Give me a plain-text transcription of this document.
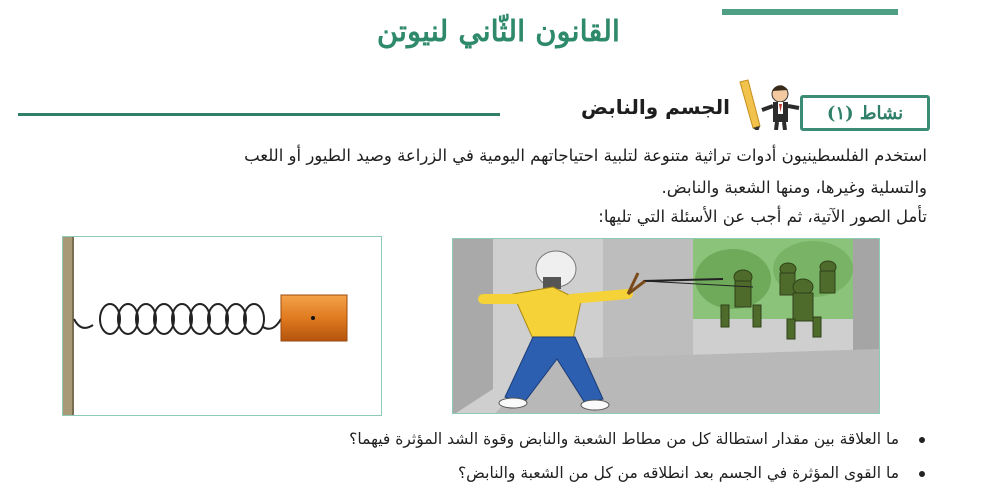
القانون الثّاني لنيوتن
الجسم والنابض	نشاط (١)
استخدم الفلسطينيون أدوات تراثية متنوعة لتلبية احتياجاتهم اليومية في الزراعة وصيد الطيور أو اللعب
والتسلية وغيرها، ومنها الشعبة والنابض.
تأمل الصور الآتية، ثم أجب عن الأسئلة التي تليها:
ما العلاقة بين مقدار استطالة كل من مطاط الشعبة والنابض وقوة الشد المؤثرة فيهما؟
ما القوى المؤثرة في الجسم بعد انطلاقه من كل من الشعبة والنابض؟
